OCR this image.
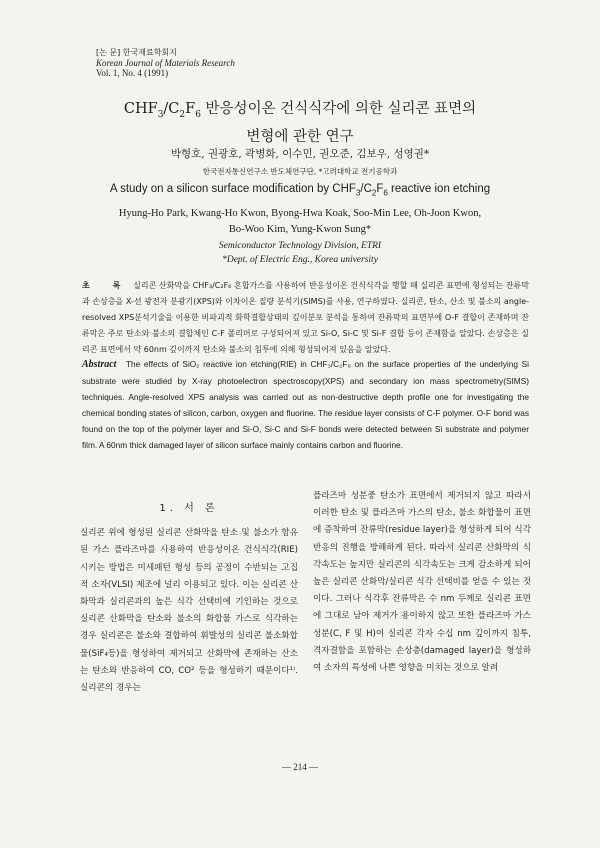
[논 문] 한국재료학회지
Korean Journal of Materials Research
Vol. 1, No. 4 (1991)
$CHF_3/C_2F_6$ 반응성이온 건식식각에 의한 실리콘 표면의
변형에 관한 연구
박형호, 권광호, 곽병화, 이수민, 권오준, 김보우, 성영권*
한국전자통신연구소 반도체연구단, *고려대학교 전기공학과
A study on a silicon surface modification by $CHF_3/C_2F_6$ reactive ion etching
Hyung-Ho Park, Kwang-Ho Kwon, Byong-Hwa Koak, Soo-Min Lee, Oh-Joon Kwon,
Bo-Woo Kim, Yung-Kwon Sung*
Semiconductor Technology Division, ETRI
*Dept. of Electric Eng., Korea university
초 록 실리콘 산화막을 CHF₃/C₂F₆ 혼합가스를 사용하여 반응성이온 건식식각을 행할 때 실리콘 표면에 형성되는 잔류막과 손상층을 X-선 광전자 분광기(XPS)와 이차이온 질량 분석기(SIMS)를 사용, 연구하였다. 실리콘, 탄소, 산소 및 불소의 angle-resolved XPS분석기술을 이용한 비파괴적 화학결합상태의 깊이분포 분석을 통하여 잔류막의 표면부에 O-F 결합이 존재하며 잔류막은 주로 탄소와 불소의 결합체인 C-F 폴리머로 구성되어져 있고 Si-O, Si-C 및 Si-F 결합 등이 존재함을 알았다. 손상층은 실리콘 표면에서 약 60nm 깊이까지 탄소와 불소의 침투에 의해 형성되어져 있음을 알았다.
Abstract The effects of SiO₂ reactive ion etching(RIE) in CHF₃/C₂F₆ on the surface properties of the underlying Si substrate were studied by X-ray photoelectron spectroscopy(XPS) and secondary ion mass spectrometry(SIMS) techniques. Angle-resolved XPS analysis was carried out as non-destructive depth profile one for investigating the chemical bonding states of silicon, carbon, oxygen and fluorine. The residue layer consists of C-F polymer. O-F bond was found on the top of the polymer layer and Si-O, Si-C and Si-F bonds were detected between Si substrate and polymer film. A 60nm thick damaged layer of silicon surface mainly contains carbon and fluorine.
1. 서 론
실리콘 위에 형성된 실리콘 산화막을 탄소 및 불소가 함유된 가스 플라즈마를 사용하여 반응성이온 건식식각(RIE) 시키는 방법은 미세패턴 형성 등의 공정이 수반되는 고집적 소자(VLSI) 제조에 널리 이용되고 있다. 이는 실리콘 산화막과 실리콘과의 높은 식각 선택비에 기인하는 것으로 실리콘 산화막을 탄소와 불소의 화합물 가스로 식각하는 경우 실리콘은 불소와 결합하여 휘발성의 실리콘 불소화합물(SiF₄등)을 형성하여 제거되고 산화막에 존재하는 산소는 탄소와 반응하여 CO, CO² 등을 형성하기 때문이다¹⁾. 실리콘의 경우는
플라즈마 성분중 탄소가 표면에서 제거되지 않고 따라서 이러한 탄소 및 플라즈마 가스의 탄소, 불소 화합물이 표면에 증착하여 잔류막(residue layer)을 형성하게 되어 식각반응의 진행을 방해하게 된다. 따라서 실리콘 산화막의 식각속도는 높지만 실리콘의 식각속도는 크게 감소하게 되어 높은 실리콘 산화막/실리콘 식각 선택비를 얻을 수 있는 것이다. 그러나 식각후 잔류막은 수 nm 두께로 실리콘 표면에 그대로 남아 제거가 용이하지 않고 또한 플라즈마 가스 성분(C, F 및 H)이 실리콘 각자 수십 nm 깊이까지 침투, 격자결함을 포함하는 손상층(damaged layer)을 형성하여 소자의 특성에 나쁜 영향을 미치는 것으로 알려
— 214 —
